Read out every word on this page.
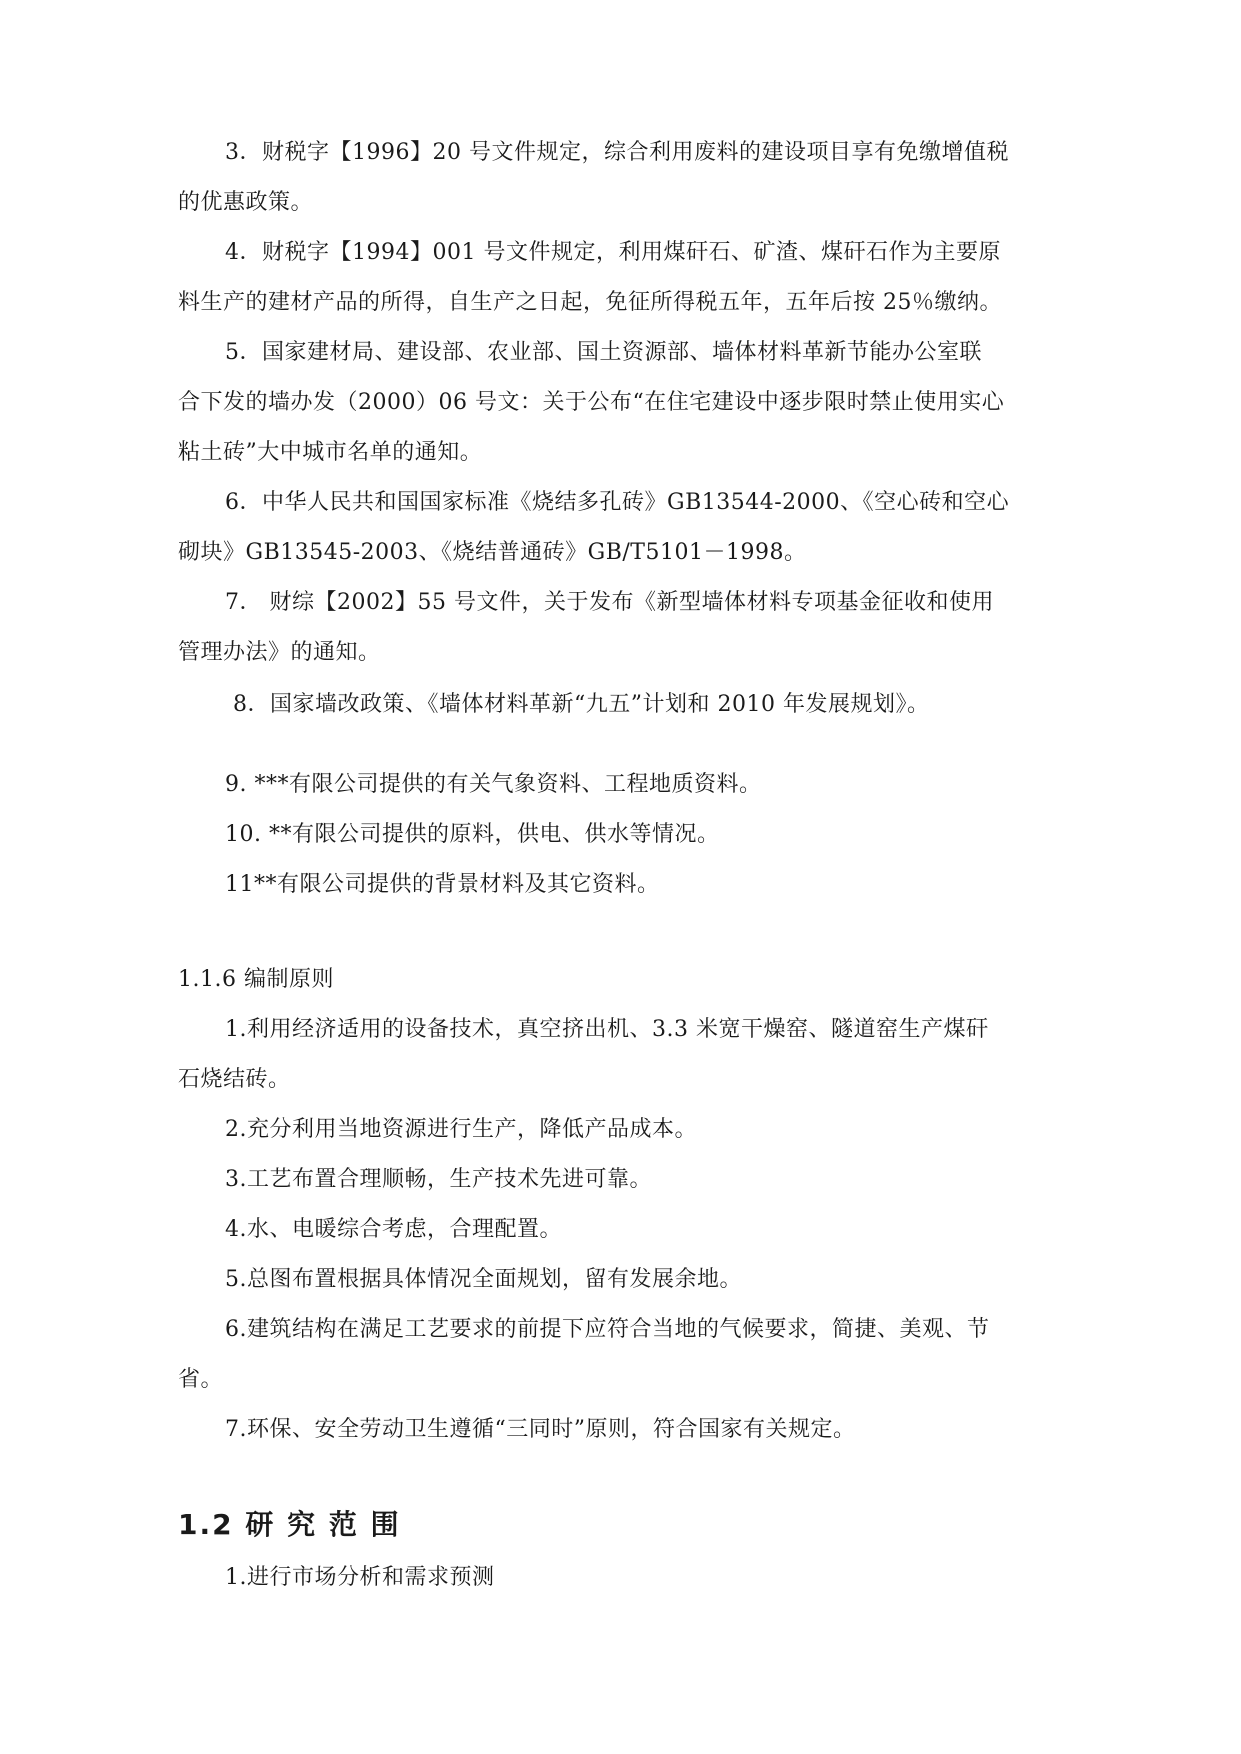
3．财税字【1996】20 号文件规定，综合利用废料的建设项目享有免缴增值税
的优惠政策。
4．财税字【1994】001 号文件规定，利用煤矸石、矿渣、煤矸石作为主要原
料生产的建材产品的所得，自生产之日起，免征所得税五年，五年后按 25％缴纳。
5．国家建材局、建设部、农业部、国土资源部、墙体材料革新节能办公室联
合下发的墙办发（2000）06 号文：关于公布“在住宅建设中逐步限时禁止使用实心
粘土砖”大中城市名单的通知。
6．中华人民共和国国家标准《烧结多孔砖》GB13544-2000、《空心砖和空心
砌块》GB13545-2003、《烧结普通砖》GB/T5101－1998。
7． 财综【2002】55 号文件，关于发布《新型墙体材料专项基金征收和使用
管理办法》的通知。
8．国家墙改政策、《墙体材料革新“九五”计划和 2010 年发展规划》。
9. ***有限公司提供的有关气象资料、工程地质资料。
10. **有限公司提供的原料，供电、供水等情况。
11**有限公司提供的背景材料及其它资料。
1.1.6 编制原则
1.利用经济适用的设备技术，真空挤出机、3.3 米宽干燥窑、隧道窑生产煤矸
石烧结砖。
2.充分利用当地资源进行生产，降低产品成本。
3.工艺布置合理顺畅，生产技术先进可靠。
4.水、电暖综合考虑，合理配置。
5.总图布置根据具体情况全面规划，留有发展余地。
6.建筑结构在满足工艺要求的前提下应符合当地的气候要求，简捷、美观、节
省。
7.环保、安全劳动卫生遵循“三同时”原则，符合国家有关规定。
1.2 研 究 范 围
1.进行市场分析和需求预测
